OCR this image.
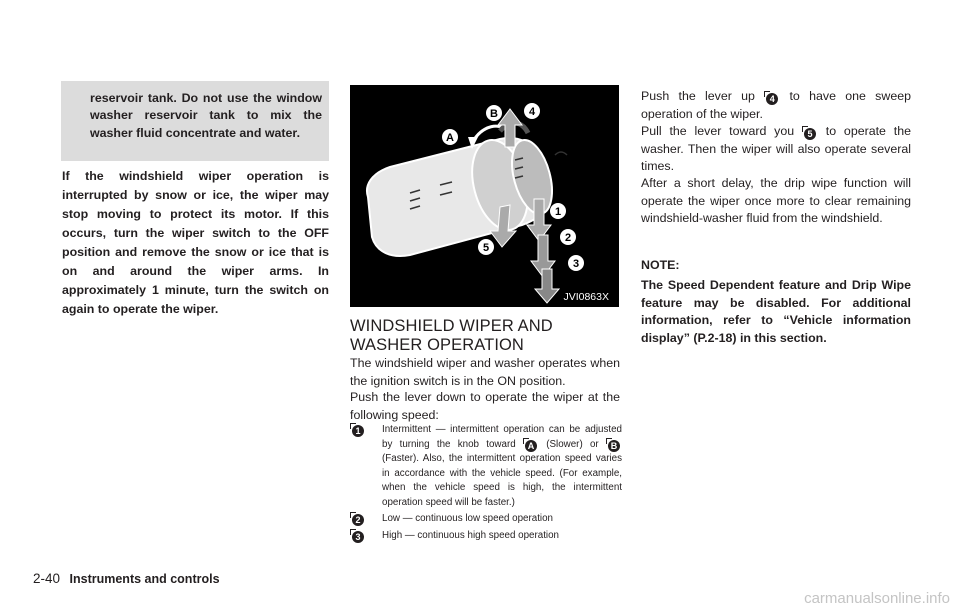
reservoir tank. Do not use the window washer reservoir tank to mix the washer fluid concentrate and water.
If the windshield wiper operation is interrupted by snow or ice, the wiper may stop moving to protect its motor. If this occurs, turn the wiper switch to the OFF position and remove the snow or ice that is on and around the wiper arms. In approximately 1 minute, turn the switch on again to operate the wiper.
A
B	4
1
5
2
3
JVI0863X
WINDSHIELD WIPER AND WASHER OPERATION
The windshield wiper and washer operates when the ignition switch is in the ON position.
Push the lever down to operate the wiper at the following speed:
1	Intermittent — intermittent operation can be adjusted by turning the knob toward A (Slower) or B (Faster). Also, the intermittent operation speed varies in accordance with the vehicle speed. (For example, when the vehicle speed is high, the intermittent operation speed will be faster.)
2	Low — continuous low speed operation
3	High — continuous high speed operation
Push the lever up 4 to have one sweep operation of the wiper.
Pull the lever toward you 5 to operate the washer. Then the wiper will also operate several times.
After a short delay, the drip wipe function will operate the wiper once more to clear remaining windshield-washer fluid from the windshield.
NOTE:
The Speed Dependent feature and Drip Wipe feature may be disabled. For additional information, refer to “Vehicle information display” (P.2-18) in this section.
2-40 Instruments and controls
carmanualsonline.info
